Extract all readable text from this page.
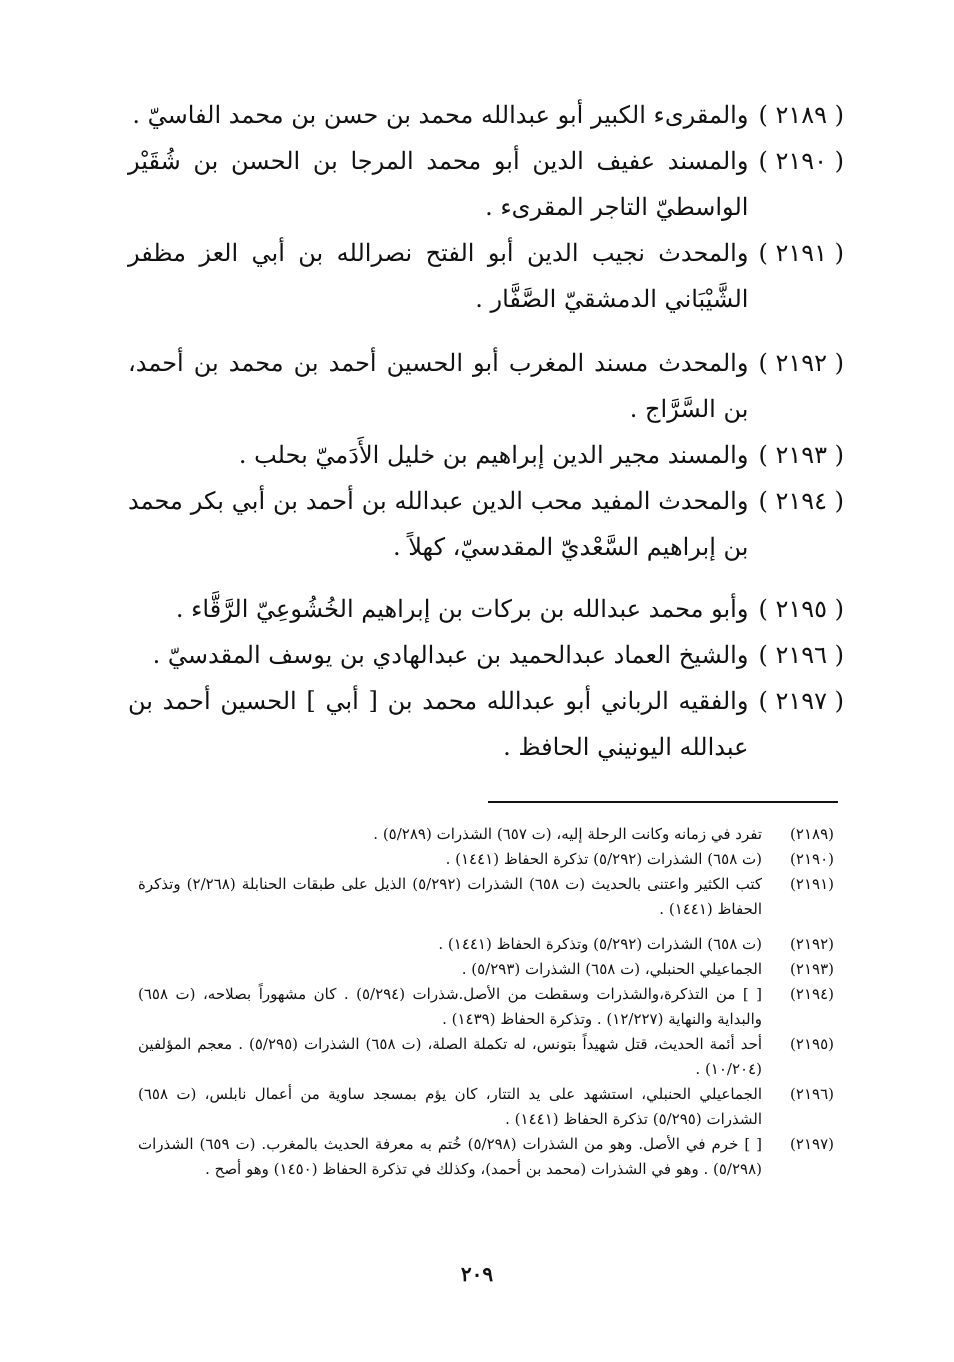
( ٢١٨٩ )
والمقرىء الكبير أبو عبدالله محمد بن حسن بن محمد الفاسيّ .
( ٢١٩٠ )
والمسند عفيف الدين أبو محمد المرجا بن الحسن بن شُقَيْر الواسطيّ التاجر المقرىء .
( ٢١٩١ )
والمحدث نجيب الدين أبو الفتح نصرالله بن أبي العز مظفر الشَّيْبَاني الدمشقيّ الصَّفَّار .
( ٢١٩٢ )
والمحدث مسند المغرب أبو الحسين أحمد بن محمد بن أحمد، بن السَّرَّاج .
( ٢١٩٣ )
والمسند مجير الدين إبراهيم بن خليل الأَدَميّ بحلب .
( ٢١٩٤ )
والمحدث المفيد محب الدين عبدالله بن أحمد بن أبي بكر محمد بن إبراهيم السَّعْديّ المقدسيّ، كهلاً .
( ٢١٩٥ )
وأبو محمد عبدالله بن بركات بن إبراهيم الخُشُوعِيّ الرَّقَّاء .
( ٢١٩٦ )
والشيخ العماد عبدالحميد بن عبدالهادي بن يوسف المقدسيّ .
( ٢١٩٧ )
والفقيه الرباني أبو عبدالله محمد بن [ أبي ] الحسين أحمد بن عبدالله اليونيني الحافظ .
(٢١٨٩)
تفرد في زمانه وكانت الرحلة إليه، (ت ٦٥٧) الشذرات (٥/٢٨٩) .
(٢١٩٠)
(ت ٦٥٨) الشذرات (٥/٢٩٢) تذكرة الحفاظ (١٤٤١) .
(٢١٩١)
كتب الكثير واعتنى بالحديث (ت ٦٥٨) الشذرات (٥/٢٩٢) الذيل على طبقات الحنابلة (٢/٢٦٨) وتذكرة الحفاظ (١٤٤١) .
(٢١٩٢)
(ت ٦٥٨) الشذرات (٥/٢٩٢) وتذكرة الحفاظ (١٤٤١) .
(٢١٩٣)
الجماعيلي الحنبلي، (ت ٦٥٨) الشذرات (٥/٢٩٣) .
(٢١٩٤)
[ ] من التذكرة،والشذرات وسقطت من الأصل.شذرات (٥/٢٩٤) . كان مشهوراً بصلاحه، (ت ٦٥٨) والبداية والنهاية (١٢/٢٢٧) . وتذكرة الحفاظ (١٤٣٩) .
(٢١٩٥)
أحد أئمة الحديث، قتل شهيداً بتونس، له تكملة الصلة، (ت ٦٥٨) الشذرات (٥/٢٩٥) . معجم المؤلفين (١٠/٢٠٤) .
(٢١٩٦)
الجماعيلي الحنبلي، استشهد على يد التتار، كان يؤم بمسجد ساوية من أعمال نابلس، (ت ٦٥٨) الشذرات (٥/٢٩٥) تذكرة الحفاظ (١٤٤١) .
(٢١٩٧)
[ ] خرم في الأصل. وهو من الشذرات (٥/٢٩٨) خُتم به معرفة الحديث بالمغرب. (ت ٦٥٩) الشذرات (٥/٢٩٨) . وهو في الشذرات (محمد بن أحمد)، وكذلك في تذكرة الحفاظ (١٤٥٠) وهو أصح .
٢٠٩
